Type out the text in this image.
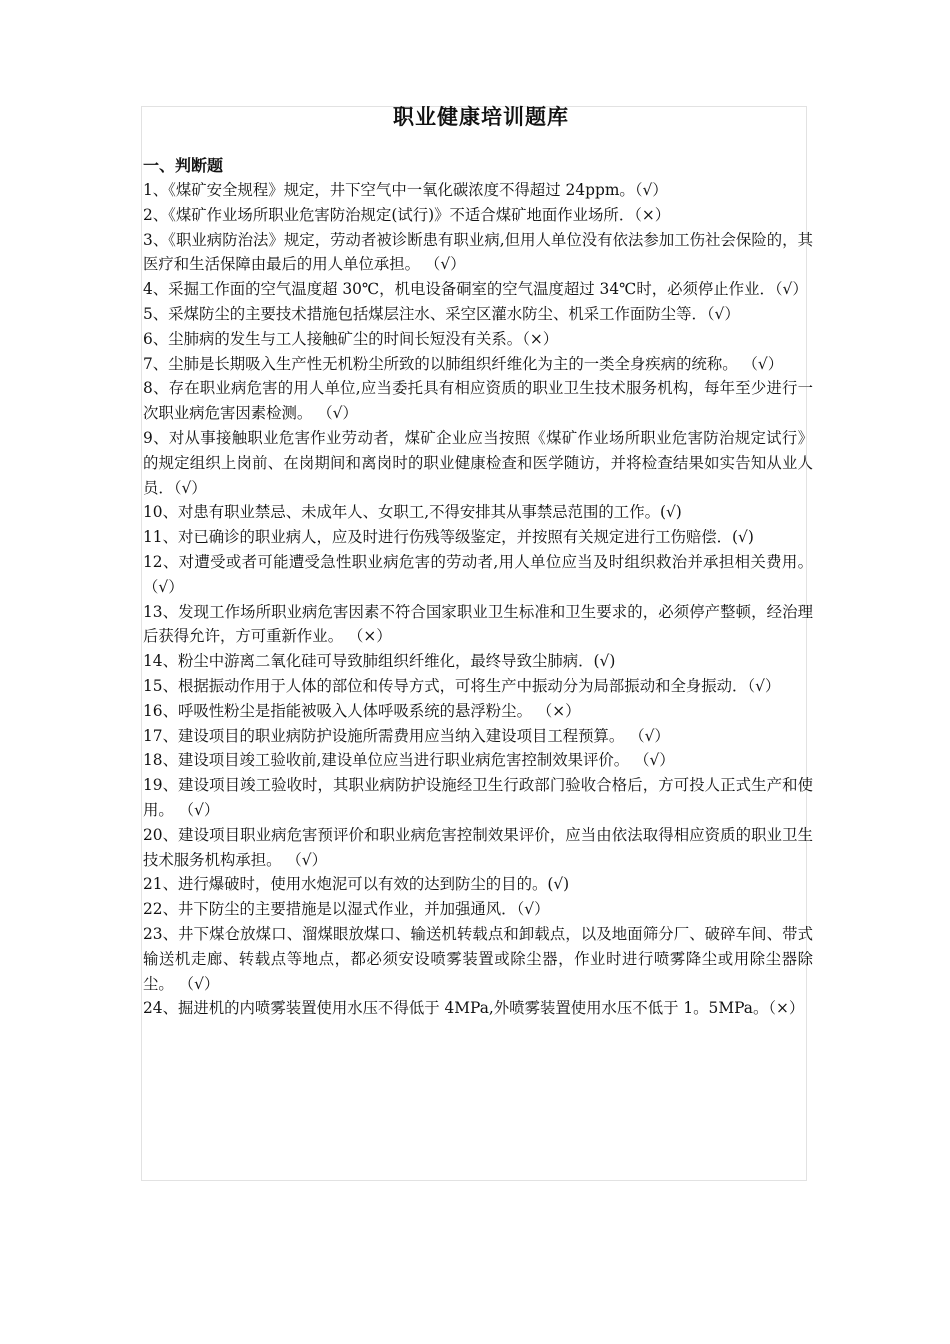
职业健康培训题库
一、判断题
1、《煤矿安全规程》规定，井下空气中一氧化碳浓度不得超过 24ppm。（√）
2、《煤矿作业场所职业危害防治规定(试行)》不适合煤矿地面作业场所．（×）
3、《职业病防治法》规定，劳动者被诊断患有职业病,但用人单位没有依法参加工伤社会保险的，其医疗和生活保障由最后的用人单位承担。 （√）
4、采掘工作面的空气温度超 30℃，机电设备硐室的空气温度超过 34℃时，必须停止作业．（√）
5、采煤防尘的主要技术措施包括煤层注水、采空区灌水防尘、机采工作面防尘等．（√）
6、尘肺病的发生与工人接触矿尘的时间长短没有关系。（×）
7、尘肺是长期吸入生产性无机粉尘所致的以肺组织纤维化为主的一类全身疾病的统称。 （√）
8、存在职业病危害的用人单位,应当委托具有相应资质的职业卫生技术服务机构，每年至少进行一次职业病危害因素检测。 （√）
9、对从事接触职业危害作业劳动者，煤矿企业应当按照《煤矿作业场所职业危害防治规定试行》的规定组织上岗前、在岗期间和离岗时的职业健康检查和医学随访，并将检查结果如实告知从业人员．（√）
10、对患有职业禁忌、未成年人、女职工,不得安排其从事禁忌范围的工作。(√)
11、对已确诊的职业病人，应及时进行伤残等级鉴定，并按照有关规定进行工伤赔偿．(√)
12、对遭受或者可能遭受急性职业病危害的劳动者,用人单位应当及时组织救治并承担相关费用。 （√）
13、发现工作场所职业病危害因素不符合国家职业卫生标准和卫生要求的，必须停产整顿，经治理后获得允许，方可重新作业。 （×）
14、粉尘中游离二氧化硅可导致肺组织纤维化，最终导致尘肺病．(√)
15、根据振动作用于人体的部位和传导方式，可将生产中振动分为局部振动和全身振动．（√）
16、呼吸性粉尘是指能被吸入人体呼吸系统的悬浮粉尘。 （×）
17、建设项目的职业病防护设施所需费用应当纳入建设项目工程预算。 （√）
18、建设项目竣工验收前,建设单位应当进行职业病危害控制效果评价。 （√）
19、建设项目竣工验收时，其职业病防护设施经卫生行政部门验收合格后，方可投人正式生产和使用。 （√）
20、建设项目职业病危害预评价和职业病危害控制效果评价，应当由依法取得相应资质的职业卫生技术服务机构承担。 （√）
21、进行爆破时，使用水炮泥可以有效的达到防尘的目的。(√)
22、井下防尘的主要措施是以湿式作业，并加强通风．（√）
23、井下煤仓放煤口、溜煤眼放煤口、输送机转载点和卸载点，以及地面筛分厂、破碎车间、带式输送机走廊、转载点等地点，都必须安设喷雾装置或除尘器，作业时进行喷雾降尘或用除尘器除尘。 （√）
24、掘进机的内喷雾装置使用水压不得低于 4MPa,外喷雾装置使用水压不低于 1。5MPa。（×）
